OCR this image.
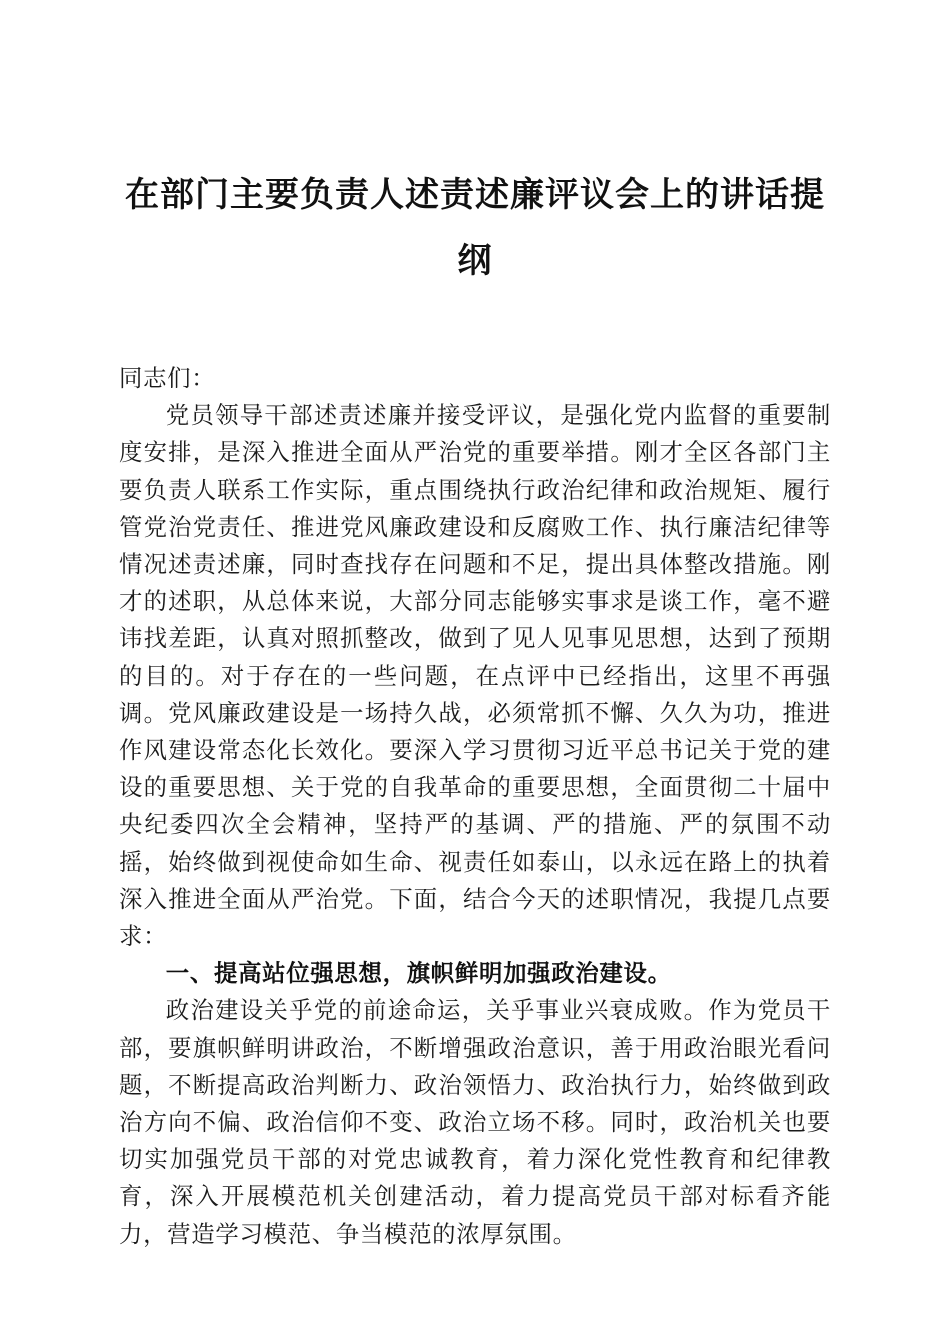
在部门主要负责人述责述廉评议会上的讲话提纲

同志们：

党员领导干部述责述廉并接受评议，是强化党内监督的重要制度安排，是深入推进全面从严治党的重要举措。刚才全区各部门主要负责人联系工作实际，重点围绕执行政治纪律和政治规矩、履行管党治党责任、推进党风廉政建设和反腐败工作、执行廉洁纪律等情况述责述廉，同时查找存在问题和不足，提出具体整改措施。刚才的述职，从总体来说，大部分同志能够实事求是谈工作，毫不避讳找差距，认真对照抓整改，做到了见人见事见思想，达到了预期的目的。对于存在的一些问题，在点评中已经指出，这里不再强调。党风廉政建设是一场持久战，必须常抓不懈、久久为功，推进作风建设常态化长效化。要深入学习贯彻习近平总书记关于党的建设的重要思想、关于党的自我革命的重要思想，全面贯彻二十届中央纪委四次全会精神，坚持严的基调、严的措施、严的氛围不动摇，始终做到视使命如生命、视责任如泰山，以永远在路上的执着深入推进全面从严治党。下面，结合今天的述职情况，我提几点要求：

一、提高站位强思想，旗帜鲜明加强政治建设。

政治建设关乎党的前途命运，关乎事业兴衰成败。作为党员干部，要旗帜鲜明讲政治，不断增强政治意识，善于用政治眼光看问题，不断提高政治判断力、政治领悟力、政治执行力，始终做到政治方向不偏、政治信仰不变、政治立场不移。同时，政治机关也要切实加强党员干部的对党忠诚教育，着力深化党性教育和纪律教育，深入开展模范机关创建活动，着力提高党员干部对标看齐能力，营造学习模范、争当模范的浓厚氛围。
